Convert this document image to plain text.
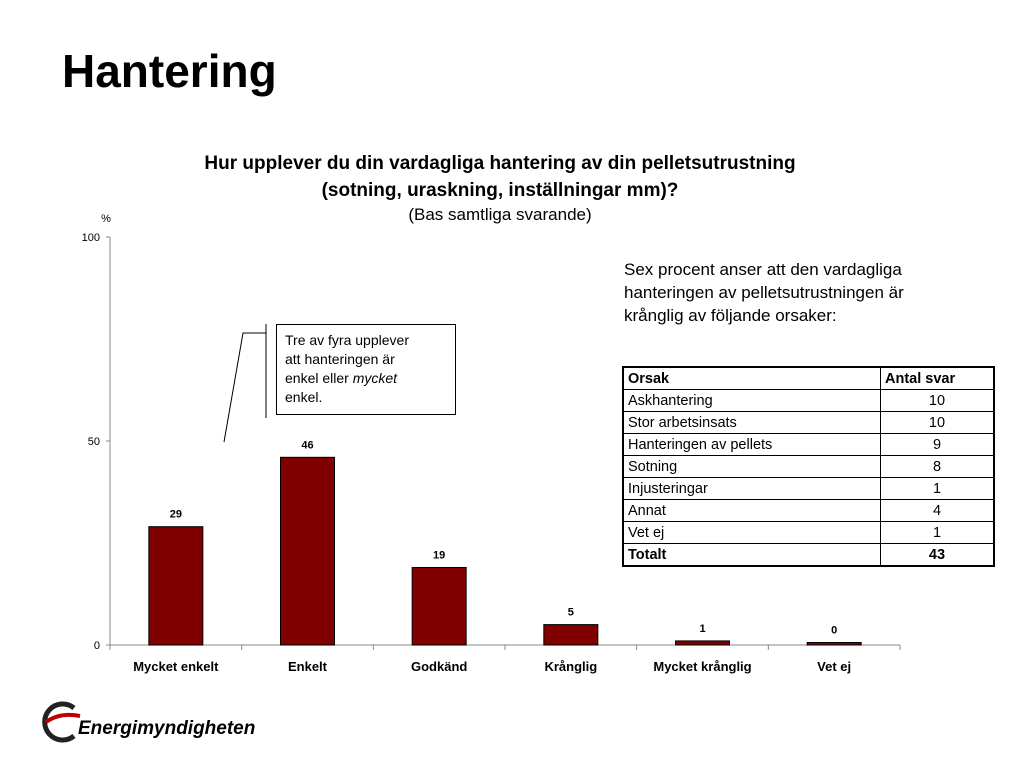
Hantering
Hur upplever du din vardagliga hantering av din pelletsutrustning
(sotning, uraskning, inställningar mm)?
(Bas samtliga svarande)
%
0
50
100
29
Mycket enkelt
46
Enkelt
19
Godkänd
5
Krånglig
1
Mycket krånglig
0
Vet ej
Tre av fyra upplever
att hanteringen är
enkel eller mycket
enkel.
Sex procent anser att den vardagliga hanteringen av pelletsutrustningen är krånglig av följande orsaker:
Orsak	Antal svar
Askhantering	10
Stor arbetsinsats	10
Hanteringen av pellets	9
Sotning	8
Injusteringar	1
Annat	4
Vet ej	1
Totalt	43
Energimyndigheten
